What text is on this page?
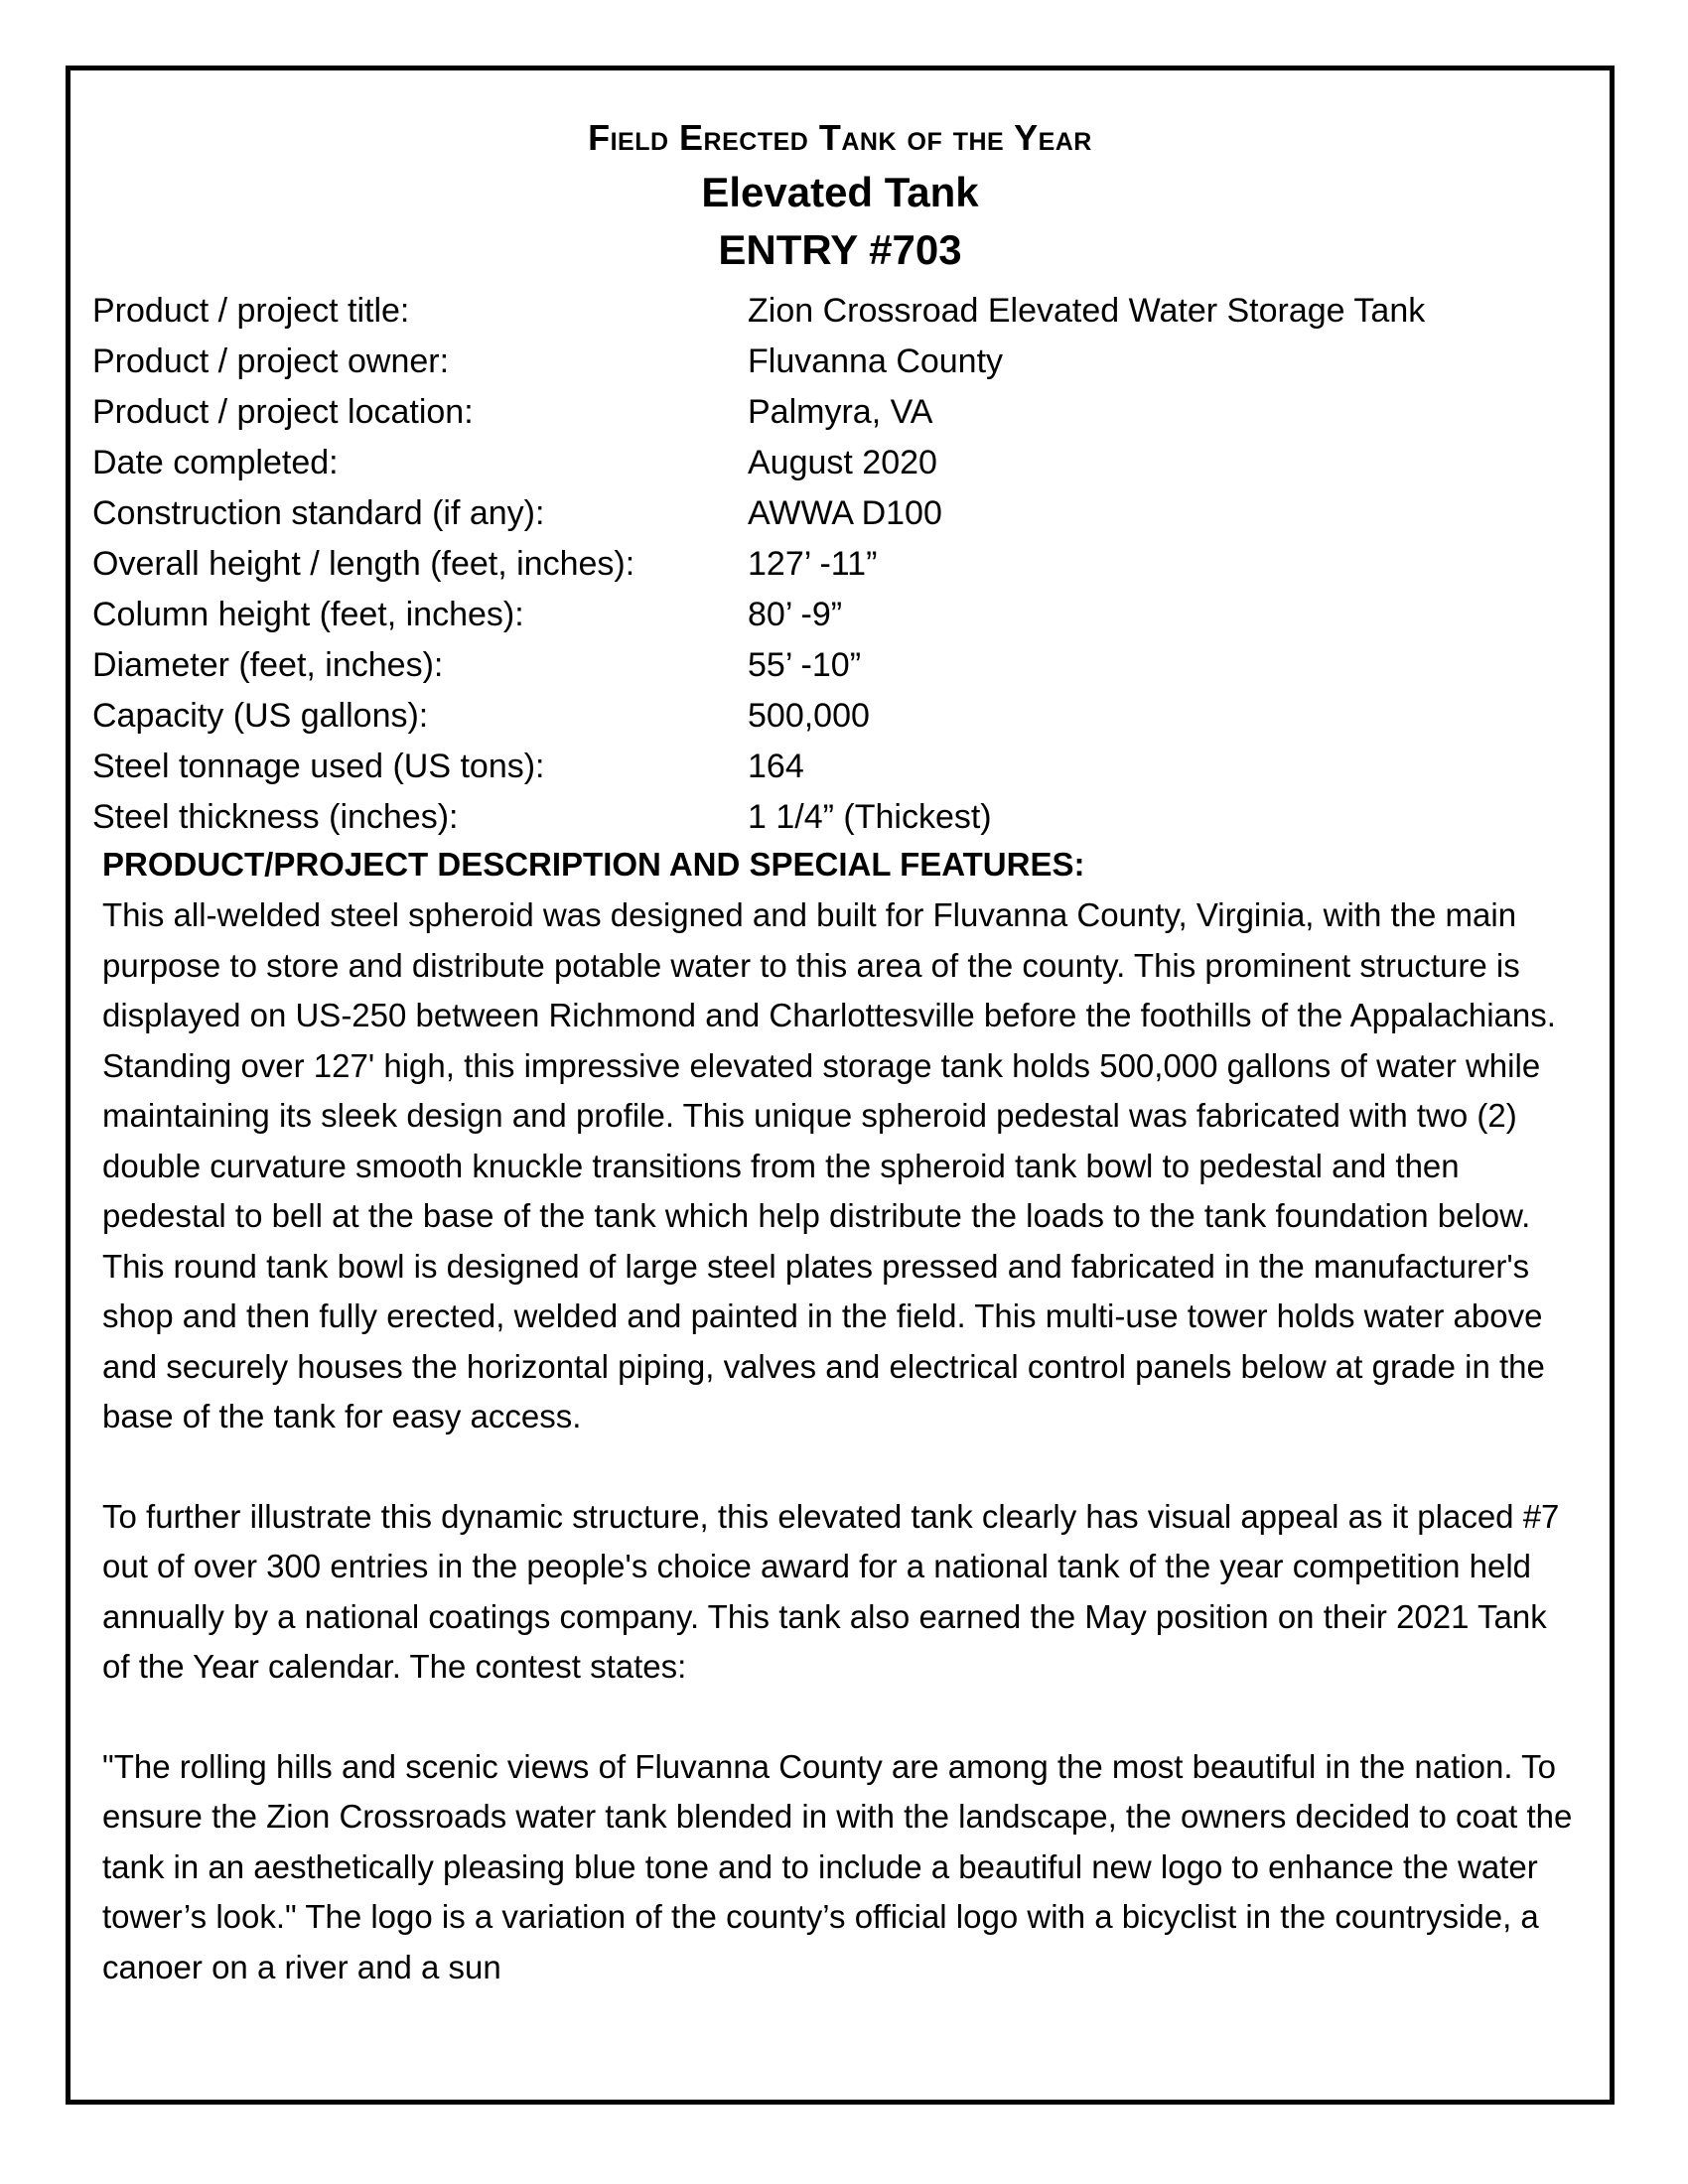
Field Erected Tank of the Year
Elevated Tank
ENTRY #703
Product / project title:	Zion Crossroad Elevated Water Storage Tank
Product / project owner:	Fluvanna County
Product / project location:	Palmyra, VA
Date completed:	August 2020
Construction standard (if any):	AWWA D100
Overall height / length (feet, inches):	127’ -11”
Column height (feet, inches):	80’ -9”
Diameter (feet, inches):	55’ -10”
Capacity (US gallons):	500,000
Steel tonnage used (US tons):	164
Steel thickness (inches):	1 1/4” (Thickest)
PRODUCT/PROJECT DESCRIPTION AND SPECIAL FEATURES:

This all-welded steel spheroid was designed and built for Fluvanna County, Virginia, with the main purpose to store and distribute potable water to this area of the county. This prominent structure is displayed on US-250 between Richmond and Charlottesville before the foothills of the Appalachians. Standing over 127' high, this impressive elevated storage tank holds 500,000 gallons of water while maintaining its sleek design and profile. This unique spheroid pedestal was fabricated with two (2) double curvature smooth knuckle transitions from the spheroid tank bowl to pedestal and then pedestal to bell at the base of the tank which help distribute the loads to the tank foundation below. This round tank bowl is designed of large steel plates pressed and fabricated in the manufacturer's shop and then fully erected, welded and painted in the field. This multi-use tower holds water above and securely houses the horizontal piping, valves and electrical control panels below at grade in the base of the tank for easy access.

To further illustrate this dynamic structure, this elevated tank clearly has visual appeal as it placed #7 out of over 300 entries in the people's choice award for a national tank of the year competition held annually by a national coatings company. This tank also earned the May position on their 2021 Tank of the Year calendar. The contest states:

"The rolling hills and scenic views of Fluvanna County are among the most beautiful in the nation. To ensure the Zion Crossroads water tank blended in with the landscape, the owners decided to coat the tank in an aesthetically pleasing blue tone and to include a beautiful new logo to enhance the water tower’s look." The logo is a variation of the county’s official logo with a bicyclist in the countryside, a canoer on a river and a sun
